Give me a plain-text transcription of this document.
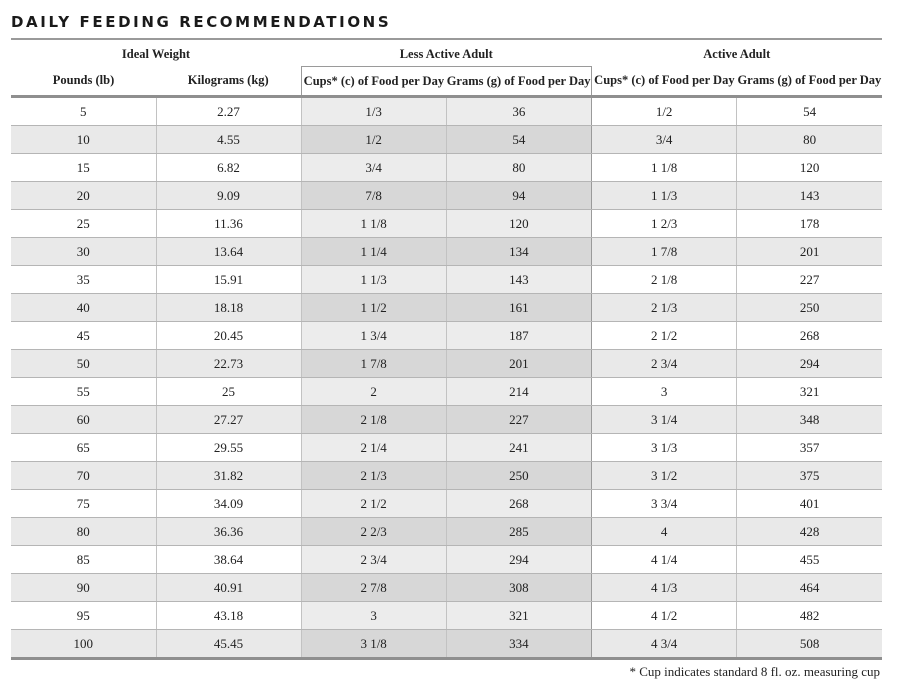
DAILY FEEDING RECOMMENDATIONS
Ideal Weight		Less Active Adult		Active Adult	
Pounds (lb)	Kilograms (kg)	Cups* (c) of Food per Day	Grams (g) of Food per Day	Cups* (c) of Food per Day	Grams (g) of Food per Day
5	2.27	1/3	36	1/2	54
10	4.55	1/2	54	3/4	80
15	6.82	3/4	80	1 1/8	120
20	9.09	7/8	94	1 1/3	143
25	11.36	1 1/8	120	1 2/3	178
30	13.64	1 1/4	134	1 7/8	201
35	15.91	1 1/3	143	2 1/8	227
40	18.18	1 1/2	161	2 1/3	250
45	20.45	1 3/4	187	2 1/2	268
50	22.73	1 7/8	201	2 3/4	294
55	25	2	214	3	321
60	27.27	2 1/8	227	3 1/4	348
65	29.55	2 1/4	241	3 1/3	357
70	31.82	2 1/3	250	3 1/2	375
75	34.09	2 1/2	268	3 3/4	401
80	36.36	2 2/3	285	4	428
85	38.64	2 3/4	294	4 1/4	455
90	40.91	2 7/8	308	4 1/3	464
95	43.18	3	321	4 1/2	482
100	45.45	3 1/8	334	4 3/4	508
* Cup indicates standard 8 fl. oz. measuring cup
